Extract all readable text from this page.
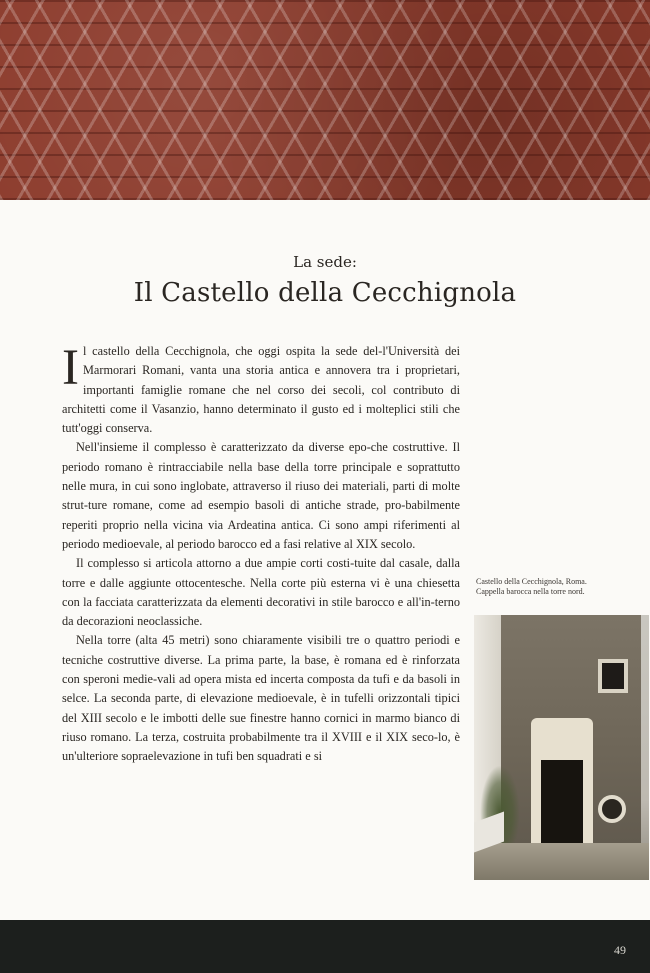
La sede:
Il Castello della Cecchignola

Il castello della Cecchignola, che oggi ospita la sede del-l'Università dei Marmorari Romani, vanta una storia antica e annovera tra i proprietari, importanti famiglie romane che nel corso dei secoli, col contributo di architetti come il Vasanzio, hanno determinato il gusto ed i molteplici stili che tutt'oggi conserva.

Nell'insieme il complesso è caratterizzato da diverse epo-che costruttive. Il periodo romano è rintracciabile nella base della torre principale e soprattutto nelle mura, in cui sono inglobate, attraverso il riuso dei materiali, parti di molte strut-ture romane, come ad esempio basoli di antiche strade, pro-babilmente reperiti proprio nella vicina via Ardeatina antica. Ci sono ampi riferimenti al periodo medioevale, al periodo barocco ed a fasi relative al XIX secolo.

Il complesso si articola attorno a due ampie corti costi-tuite dal casale, dalla torre e dalle aggiunte ottocentesche. Nella corte più esterna vi è una chiesetta con la facciata caratterizzata da elementi decorativi in stile barocco e all'in-terno da decorazioni neoclassiche.

Nella torre (alta 45 metri) sono chiaramente visibili tre o quattro periodi e tecniche costruttive diverse. La prima parte, la base, è romana ed è rinforzata con speroni medie-vali ad opera mista ed incerta composta da tufi e da basoli in selce. La seconda parte, di elevazione medioevale, è in tufelli orizzontali tipici del XIII secolo e le imbotti delle sue finestre hanno cornici in marmo bianco di riuso romano. La terza, costruita probabilmente tra il XVIII e il XIX seco-lo, è un'ulteriore sopraelevazione in tufi ben squadrati e si

Castello della Cecchignola, Roma. Cappella barocca nella torre nord.
49
